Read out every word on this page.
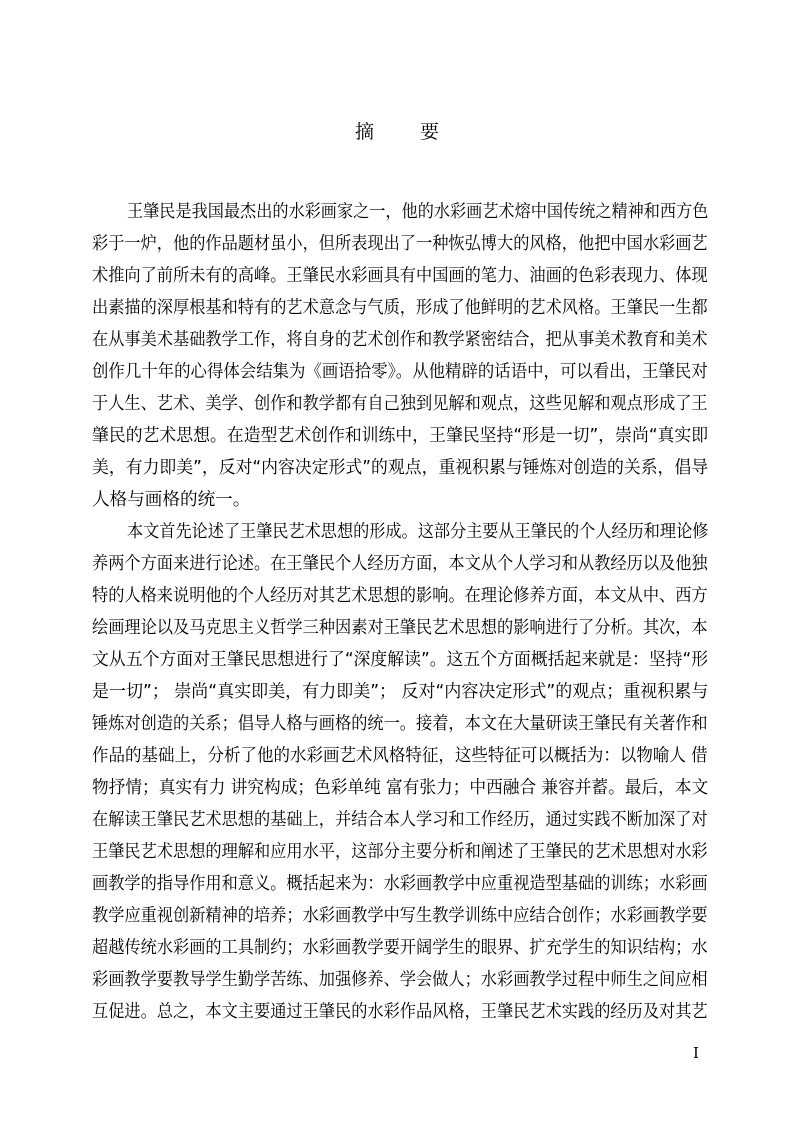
摘 要
王肇民是我国最杰出的水彩画家之一，他的水彩画艺术熔中国传统之精神和西方色
彩于一炉，他的作品题材虽小，但所表现出了一种恢弘博大的风格，他把中国水彩画艺
术推向了前所未有的高峰。王肇民水彩画具有中国画的笔力、油画的色彩表现力、体现
出素描的深厚根基和特有的艺术意念与气质，形成了他鲜明的艺术风格。王肇民一生都
在从事美术基础教学工作，将自身的艺术创作和教学紧密结合，把从事美术教育和美术
创作几十年的心得体会结集为《画语拾零》。从他精辟的话语中，可以看出，王肇民对
于人生、艺术、美学、创作和教学都有自己独到见解和观点，这些见解和观点形成了王
肇民的艺术思想。在造型艺术创作和训练中，王肇民坚持“形是一切”，崇尚“真实即
美，有力即美”，反对“内容决定形式”的观点，重视积累与锤炼对创造的关系，倡导
人格与画格的统一。
本文首先论述了王肇民艺术思想的形成。这部分主要从王肇民的个人经历和理论修
养两个方面来进行论述。在王肇民个人经历方面，本文从个人学习和从教经历以及他独
特的人格来说明他的个人经历对其艺术思想的影响。在理论修养方面，本文从中、西方
绘画理论以及马克思主义哲学三种因素对王肇民艺术思想的影响进行了分析。其次，本
文从五个方面对王肇民思想进行了“深度解读”。这五个方面概括起来就是：坚持“形
是一切”； 崇尚“真实即美，有力即美”； 反对“内容决定形式”的观点；重视积累与
锤炼对创造的关系；倡导人格与画格的统一。接着，本文在大量研读王肇民有关著作和
作品的基础上，分析了他的水彩画艺术风格特征，这些特征可以概括为：以物喻人 借
物抒情；真实有力 讲究构成；色彩单纯 富有张力；中西融合 兼容并蓄。最后，本文
在解读王肇民艺术思想的基础上，并结合本人学习和工作经历，通过实践不断加深了对
王肇民艺术思想的理解和应用水平，这部分主要分析和阐述了王肇民的艺术思想对水彩
画教学的指导作用和意义。概括起来为：水彩画教学中应重视造型基础的训练；水彩画
教学应重视创新精神的培养；水彩画教学中写生教学训练中应结合创作；水彩画教学要
超越传统水彩画的工具制约；水彩画教学要开阔学生的眼界、扩充学生的知识结构；水
彩画教学要教导学生勤学苦练、加强修养、学会做人；水彩画教学过程中师生之间应相
互促进。总之，本文主要通过王肇民的水彩作品风格，王肇民艺术实践的经历及对其艺
I
